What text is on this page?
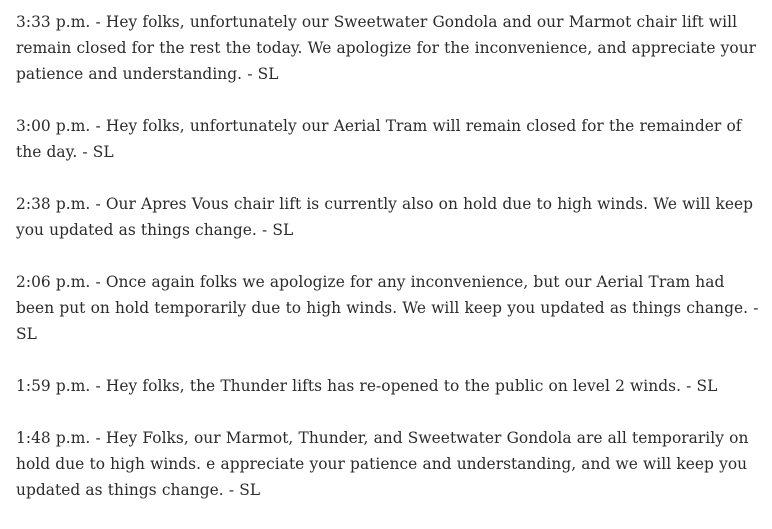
3:33 p.m. - Hey folks, unfortunately our Sweetwater Gondola and our Marmot chair lift will remain closed for the rest the today. We apologize for the inconvenience, and appreciate your patience and understanding. - SL

3:00 p.m. - Hey folks, unfortunately our Aerial Tram will remain closed for the remainder of the day. - SL

2:38 p.m. - Our Apres Vous chair lift is currently also on hold due to high winds. We will keep you updated as things change. - SL

2:06 p.m. - Once again folks we apologize for any inconvenience, but our Aerial Tram had been put on hold temporarily due to high winds. We will keep you updated as things change. - SL

1:59 p.m. - Hey folks, the Thunder lifts has re-opened to the public on level 2 winds. - SL

1:48 p.m. - Hey Folks, our Marmot, Thunder, and Sweetwater Gondola are all temporarily on hold due to high winds. e appreciate your patience and understanding, and we will keep you updated as things change. - SL
